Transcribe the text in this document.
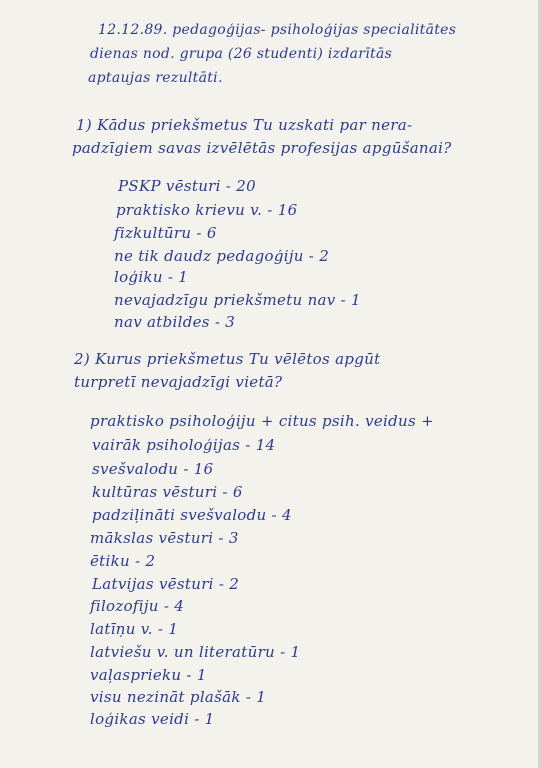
12.12.89. pedagoģijas- psiholoģijas specialitātes
dienas nod. grupa (26 studenti) izdarītās
aptaujas rezultāti.
1) Kādus priekšmetus Tu uzskati par nera-
padzīgiem savas izvēlētās profesijas apgūšanai?
PSKP vēsturi - 20
praktisko krievu v. - 16
fizkultūru - 6
ne tik daudz pedagoģiju - 2
loģiku - 1
nevajadzīgu priekšmetu nav - 1
nav atbildes - 3
2) Kurus priekšmetus Tu vēlētos apgūt
turpretī nevajadzīgi vietā?
praktisko psiholoģiju + citus psih. veidus +
vairāk psiholoģijas - 14
svešvalodu - 16
kultūras vēsturi - 6
padziļināti svešvalodu - 4
mākslas vēsturi - 3
ētiku - 2
Latvijas vēsturi - 2
filozofiju - 4
latīņu v. - 1
latviešu v. un literatūru - 1
vaļasprieku - 1
visu nezināt plašāk - 1
loģikas veidi - 1
